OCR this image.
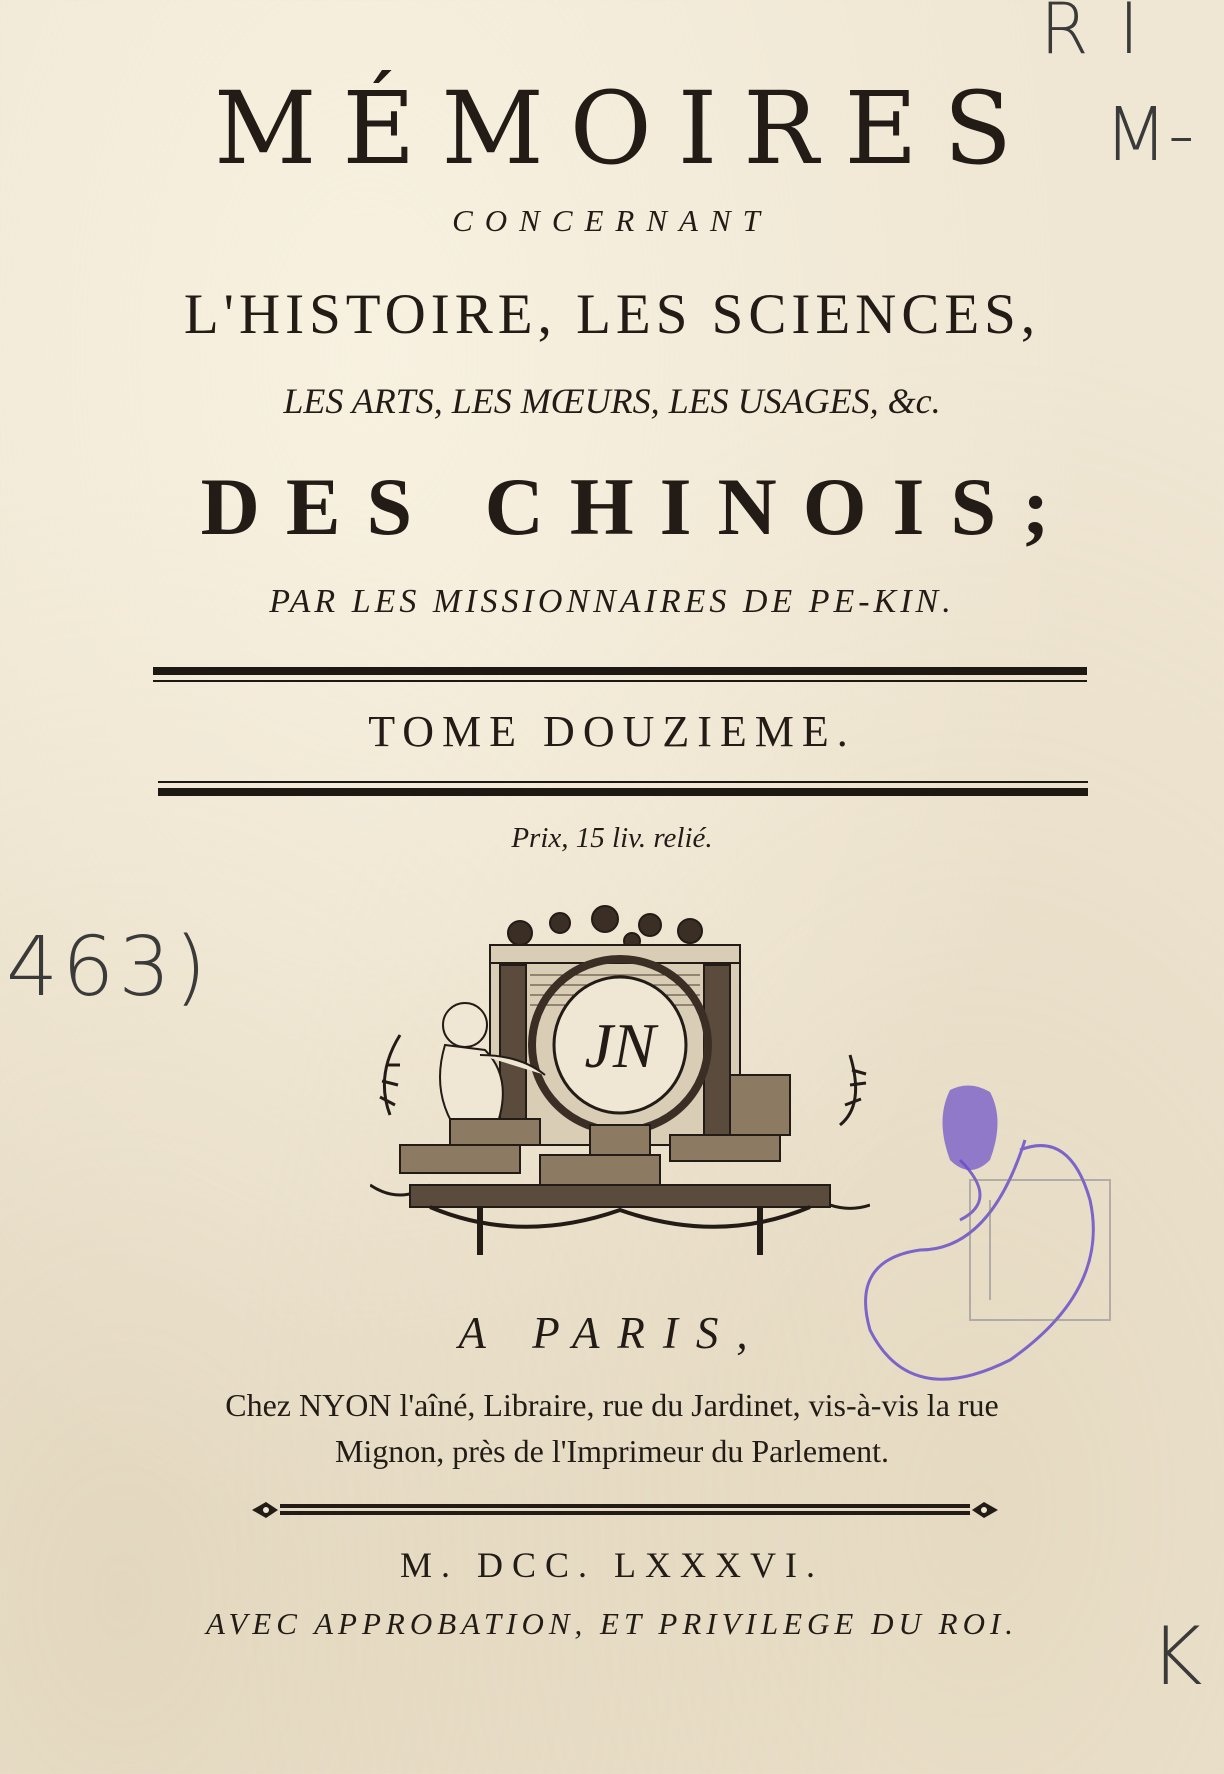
MÉMOIRES
CONCERNANT
L'HISTOIRE, LES SCIENCES,
LES ARTS, LES MŒURS, LES USAGES, &c.
DES CHINOIS;
PAR LES MISSIONNAIRES DE PE-KIN.
TOME DOUZIEME.
Prix, 15 liv. relié.
JN
A PARIS,
Chez NYON l'aîné, Libraire, rue du Jardinet, vis-à-vis la rue
Mignon, près de l'Imprimeur du Parlement.
M. DCC. LXXXVI.
AVEC APPROBATION, ET PRIVILEGE DU ROI.
RI
M-
463)
K
